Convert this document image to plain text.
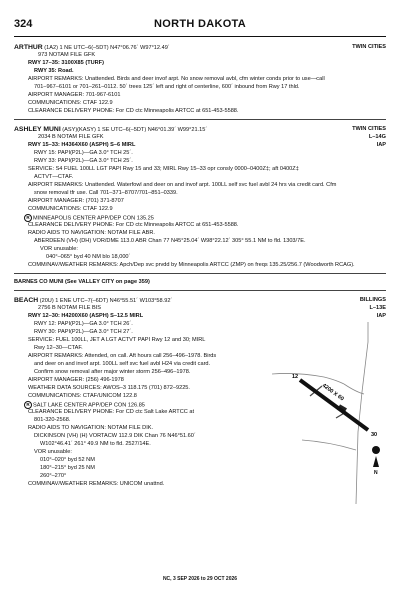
324	NORTH DAKOTA
ARTHUR (1A2) 1 NE UTC–6(–5DT) N47°06.76´ W97°12.49´	TWIN CITIES
973 NOTAM FILE GFK
RWY 17–35: 3100X85 (TURF)
RWY 35: Road.
AIRPORT REMARKS: Unattended. Birds and deer invof arpt. No snow removal avbl, cfm winter conds prior to use—call
701–967–6101 or 701–261–0112. 50´ trees 125´ left and right of centerline, 600´ inbound from Rwy 17 thld.
AIRPORT MANAGER: 701-967-6101
COMMUNICATIONS: CTAF 122.9
CLEARANCE DELIVERY PHONE: For CD ctc Minneapolis ARTCC at 651-453-5588.
ASHLEY MUNI (ASY)(KASY) 1 SE UTC–6(–5DT) N46°01.39´ W99°21.15´	TWIN CITIES
2034 B NOTAM FILE GFK	L–14G
RWY 15–33: H4364X60 (ASPH) S–6 MIRL	IAP
RWY 15: PAPI(P2L)—GA 3.0° TCH 25´.
RWY 33: PAPI(P2L)—GA 3.0° TCH 25´.
SERVICE: S4 FUEL 100LL LGT PAPI Rwy 15 and 33; MIRL Rwy 15–33 opr consly 0000–0400Z‡; aft 0400Z‡
ACTVT—CTAF.
AIRPORT REMARKS: Unattended. Waterfowl and deer on and invof arpt. 100LL self svc fuel avbl 24 hrs via credit card. Cfm
snow removal tfr use. Call 701–371–8707/701–851–0339.
AIRPORT MANAGER: (701) 371-8707
COMMUNICATIONS: CTAF 122.9
R MINNEAPOLIS CENTER APP/DEP CON 135.25
CLEARANCE DELIVERY PHONE: For CD ctc Minneapolis ARTCC at 651-453-5588.
RADIO AIDS TO NAVIGATION: NOTAM FILE ABR.
ABERDEEN (VH) (DH) VOR/DME 113.0 ABR Chan 77 N45°25.04´ W98°22.12´ 305° 55.1 NM to fld. 1303/7E.
VOR unusable:
040°–065° byd 40 NM blo 18,000´
COMM/NAV/WEATHER REMARKS: Apch/Dep svc prvdd by Minneapolis ARTCC (ZMP) on freqs 135.25/256.7 (Woodworth RCAG).
BARNES CO MUNI (See VALLEY CITY on page 359)
BEACH (20U) 1 ENE UTC–7(–6DT) N46°55.51´ W103°58.92´	BILLINGS
2756 B NOTAM FILE BIS	L–13E
RWY 12–30: H4200X60 (ASPH) S–12.5 MIRL	IAP
RWY 12: PAPI(P2L)—GA 3.0° TCH 26´.
RWY 30: PAPI(P2L)—GA 3.0° TCH 27´.
SERVICE: FUEL 100LL, JET A LGT ACTVT PAPI Rwy 12 and 30; MIRL
Rwy 12–30—CTAF.
AIRPORT REMARKS: Attended, on call. Aft hours call 256–496–1978. Birds
and deer on and invof arpt. 100LL self svc fuel avbl H24 via credit card.
Confirm snow removal after major winter storm 256–496–1978.
AIRPORT MANAGER: (256) 496-1978
WEATHER DATA SOURCES: AWOS–3 118.175 (701) 872–9225.
COMMUNICATIONS: CTAF/UNICOM 122.8
R SALT LAKE CENTER APP/DEP CON 126.85
CLEARANCE DELIVERY PHONE: For CD ctc Salt Lake ARTCC at
801-320-2568.
RADIO AIDS TO NAVIGATION: NOTAM FILE DIK.
DICKINSON (VH) (H) VORTACW 112.9 DIK Chan 76 N46°51.60´
W102°46.41´ 261° 49.9 NM to fld. 2527/14E.
VOR unusable:
010°–020° byd 52 NM
180°–215° byd 25 NM
260°–270°
COMM/NAV/WEATHER REMARKS: UNICOM unattnd.
4200 X 60
12
30
N
NC, 3 SEP 2026 to 29 OCT 2026
